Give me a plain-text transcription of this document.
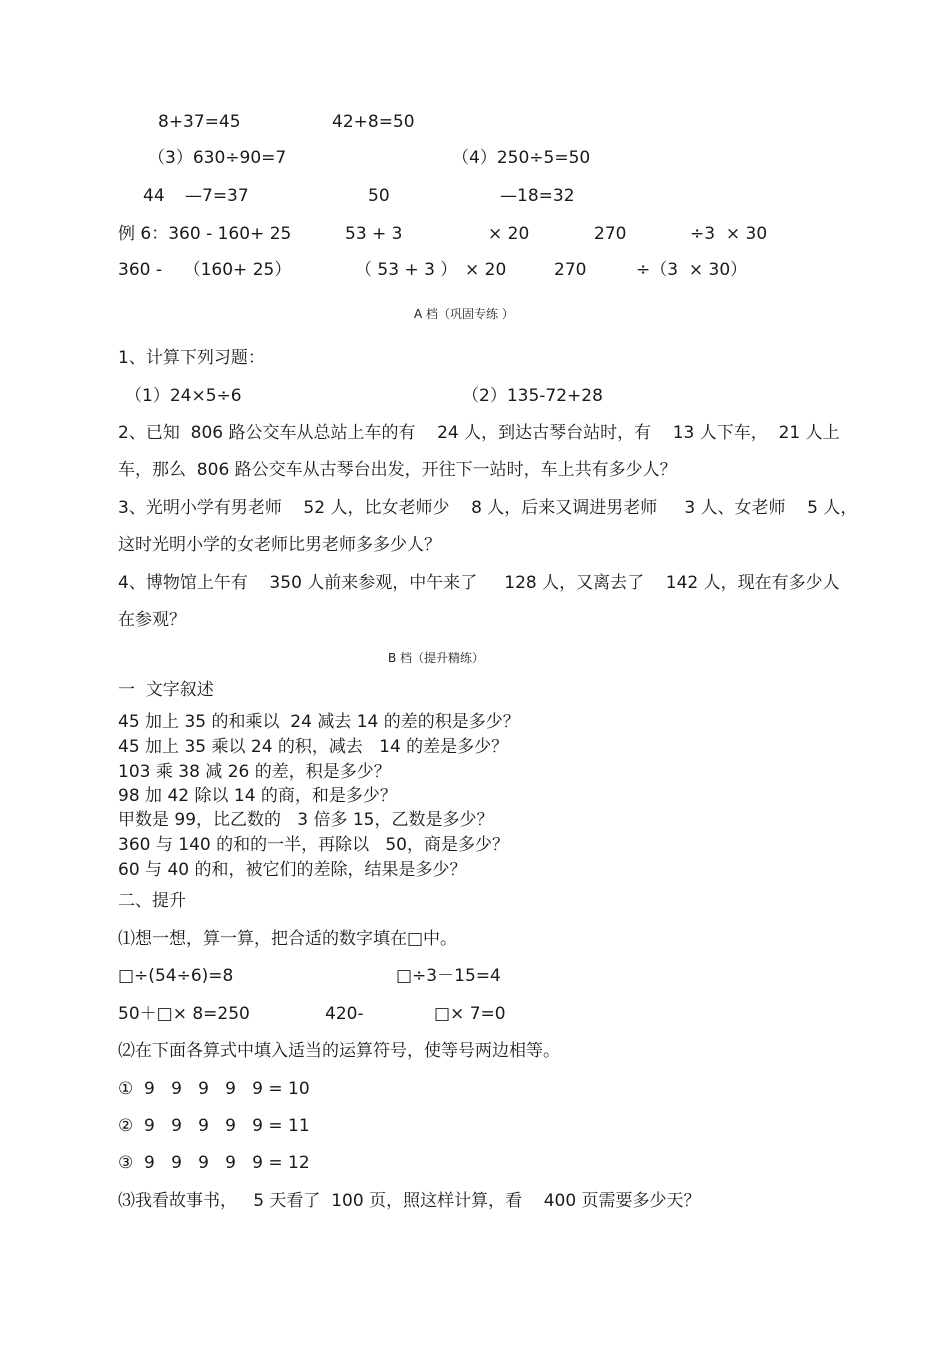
8+37=45	42+8=50
（3）630÷90=7	（4）250÷5=50
44 —7=37	50	—18=32
例 6：360 - 160+ 25	53 + 3	× 20	270	÷3  × 30
360 -    （160+ 25）	（ 53 + 3 ） × 20	270	÷（3  × 30）
A 档（巩固专练 ）
1、计算下列习题：
（1）24×5÷6	（2）135-72+28
2、已知  806 路公交车从总站上车的有    24 人，到达古琴台站时，有    13 人下车，  21 人上
车，那么  806 路公交车从古琴台出发，开往下一站时，车上共有多少人？
3、光明小学有男老师    52 人，比女老师少    8 人，后来又调进男老师     3 人、女老师    5 人，
这时光明小学的女老师比男老师多多少人？
4、博物馆上午有    350 人前来参观，中午来了     128 人，又离去了    142 人，现在有多少人
在参观？
B 档（提升精练）
一  文字叙述
45 加上 35 的和乘以  24 减去 14 的差的积是多少？
45 加上 35 乘以 24 的积，减去   14 的差是多少？
103 乘 38 减 26 的差，积是多少？
98 加 42 除以 14 的商，和是多少？
甲数是 99，比乙数的   3 倍多 15，乙数是多少？
360 与 140 的和的一半，再除以   50，商是多少？
60 与 40 的和，被它们的差除，结果是多少？
二、提升
⑴想一想，算一算，把合适的数字填在□中。
□÷(54÷6)=8	□÷3－15=4
50＋□× 8=250	420-	□× 7=0
⑵在下面各算式中填入适当的运算符号，使等号两边相等。
①  9   9   9   9   9 = 10
②  9   9   9   9   9 = 11
③  9   9   9   9   9 = 12
⑶我看故事书，   5 天看了  100 页，照这样计算，看    400 页需要多少天？
